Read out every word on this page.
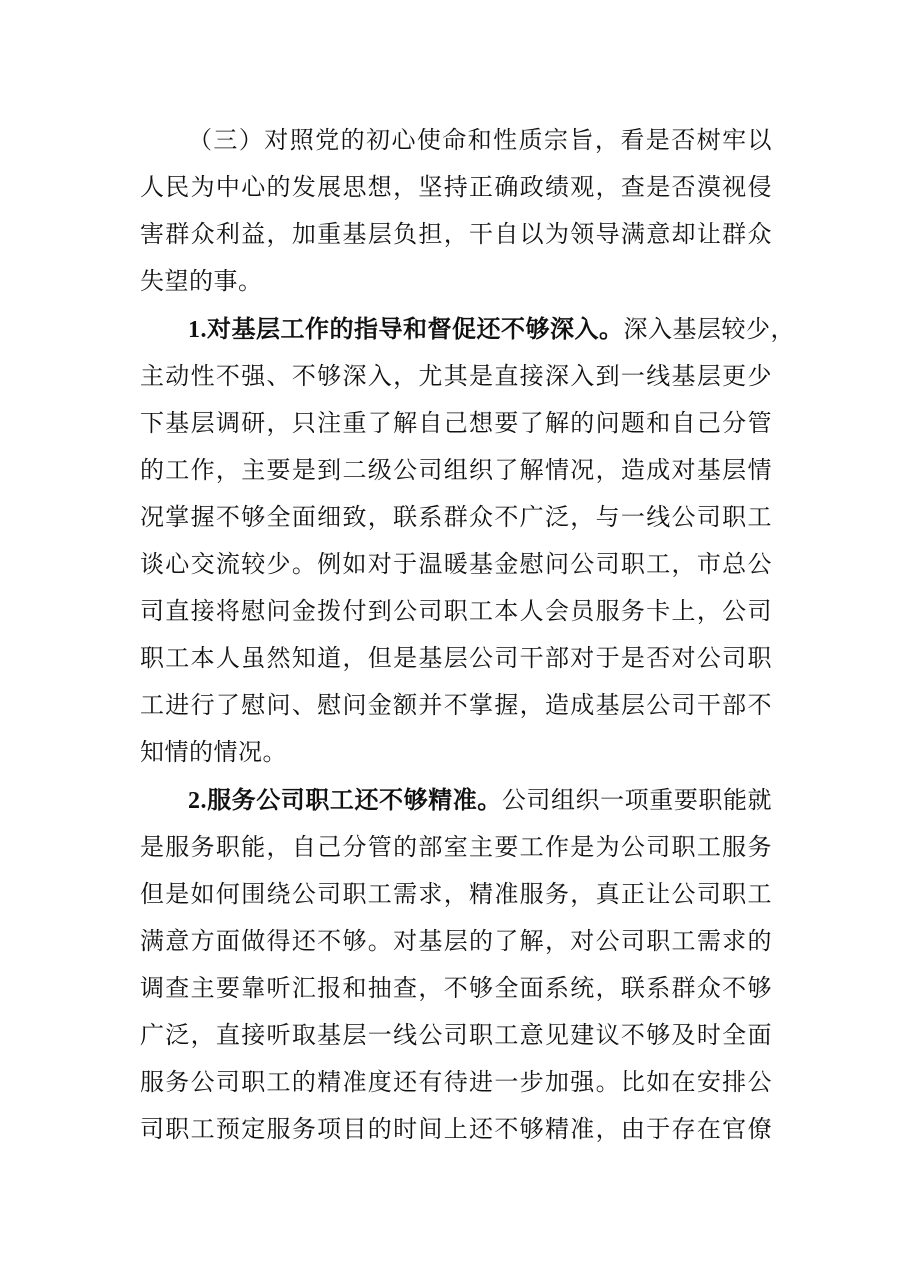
（三）对照党的初心使命和性质宗旨，看是否树牢以
人民为中心的发展思想，坚持正确政绩观，查是否漠视侵
害群众利益，加重基层负担，干自以为领导满意却让群众
失望的事。
1.对基层工作的指导和督促还不够深入。深入基层较少，
主动性不强、不够深入，尤其是直接深入到一线基层更少
下基层调研，只注重了解自己想要了解的问题和自己分管
的工作，主要是到二级公司组织了解情况，造成对基层情
况掌握不够全面细致，联系群众不广泛，与一线公司职工
谈心交流较少。例如对于温暖基金慰问公司职工，市总公
司直接将慰问金拨付到公司职工本人会员服务卡上，公司
职工本人虽然知道，但是基层公司干部对于是否对公司职
工进行了慰问、慰问金额并不掌握，造成基层公司干部不
知情的情况。
2.服务公司职工还不够精准。公司组织一项重要职能就
是服务职能，自己分管的部室主要工作是为公司职工服务
但是如何围绕公司职工需求，精准服务，真正让公司职工
满意方面做得还不够。对基层的了解，对公司职工需求的
调查主要靠听汇报和抽查，不够全面系统，联系群众不够
广泛，直接听取基层一线公司职工意见建议不够及时全面
服务公司职工的精准度还有待进一步加强。比如在安排公
司职工预定服务项目的时间上还不够精准，由于存在官僚
